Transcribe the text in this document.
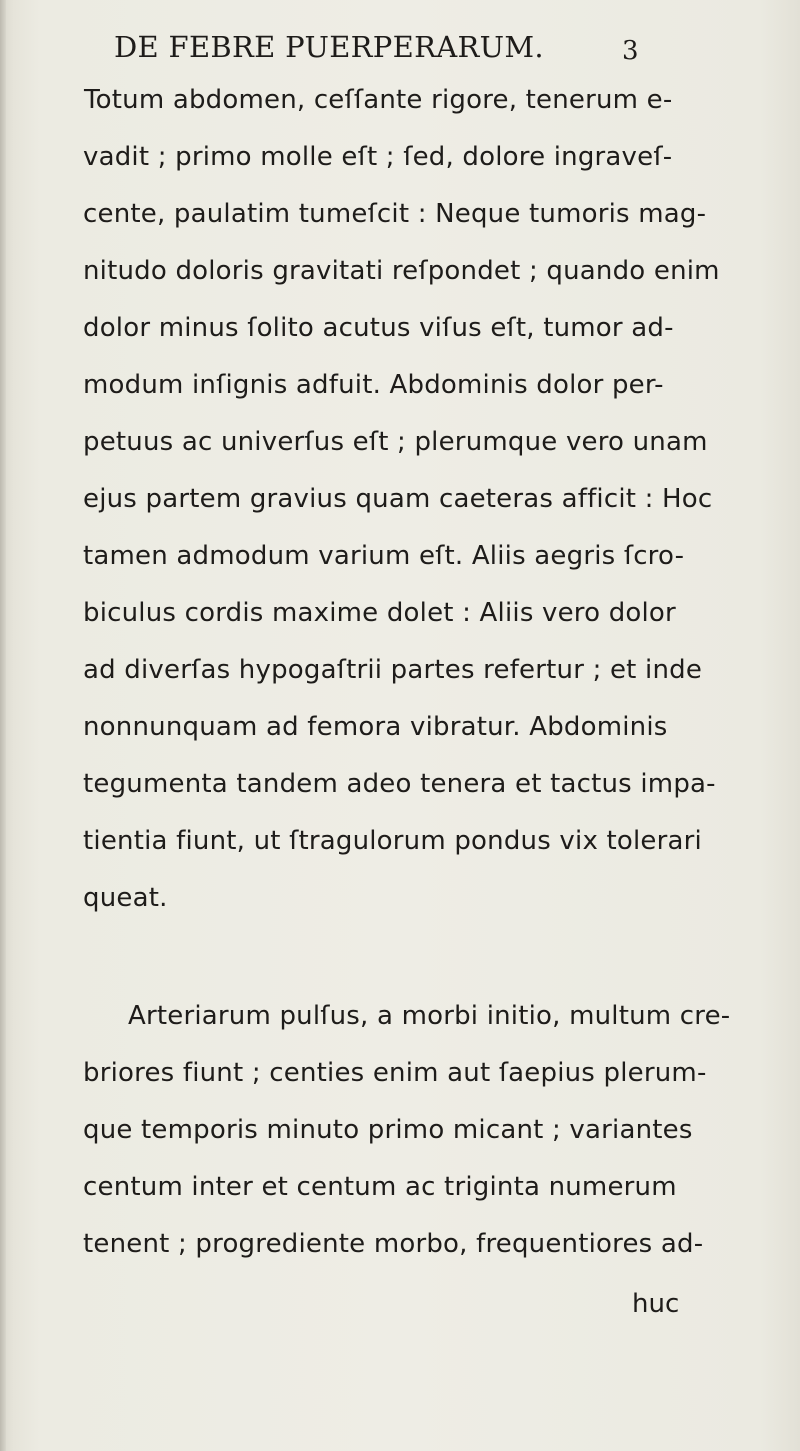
DE FEBRE PUERPERARUM.	3
Totum abdomen, ceſſante rigore, tenerum e-
vadit ; primo molle eſt ; ſed, dolore ingraveſ-
cente, paulatim tumeſcit : Neque tumoris mag-
nitudo doloris gravitati reſpondet ; quando enim
dolor minus ſolito acutus viſus eſt, tumor ad-
modum inſignis adfuit. Abdominis dolor per-
petuus ac univerſus eſt ; plerumque vero unam
ejus partem gravius quam caeteras afficit : Hoc
tamen admodum varium eſt. Aliis aegris ſcro-
biculus cordis maxime dolet : Aliis vero dolor
ad diverſas hypogaſtrii partes refertur ; et inde
nonnunquam ad femora vibratur. Abdominis
tegumenta tandem adeo tenera et tactus impa-
tientia fiunt, ut ſtragulorum pondus vix tolerari
queat.
Arteriarum pulſus, a morbi initio, multum cre-
briores fiunt ; centies enim aut ſaepius plerum-
que temporis minuto primo micant ; variantes
centum inter et centum ac triginta numerum
tenent ; progrediente morbo, frequentiores ad-
huc
